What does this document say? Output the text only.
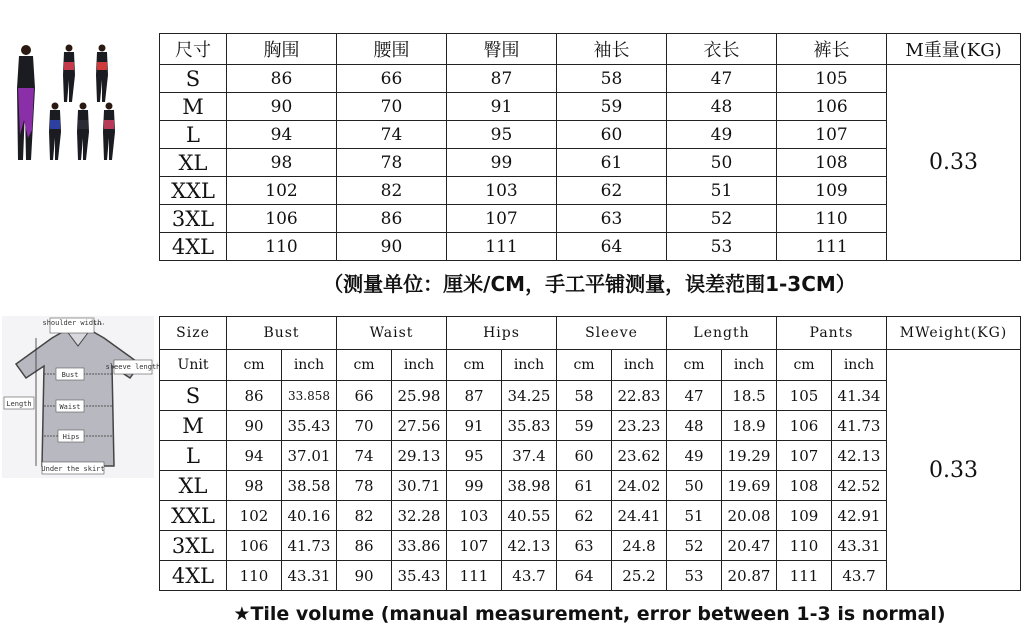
尺寸	胸围	腰围	臀围	袖长	衣长	裤长	M重量(KG)
S	86	66	87	58	47	105	0.33
M	90	70	91	59	48	106	
L	94	74	95	60	49	107	
XL	98	78	99	61	50	108	
XXL	102	82	103	62	51	109	
3XL	106	86	107	63	52	110	
4XL	110	90	111	64	53	111	
（测量单位：厘米/CM，手工平铺测量，误差范围1-3CM）
shoulder width
Bust
Waist
Hips
Length
sleeve length
Under the skirt
Size	Bust		Waist		Hips		Sleeve		Length		Pants		MWeight(KG)
Unit	cm	inch	cm	inch	cm	inch	cm	inch	cm	inch	cm	inch	0.33
S	86	33.858	66	25.98	87	34.25	58	22.83	47	18.5	105	41.34	
M	90	35.43	70	27.56	91	35.83	59	23.23	48	18.9	106	41.73	
L	94	37.01	74	29.13	95	37.4	60	23.62	49	19.29	107	42.13	
XL	98	38.58	78	30.71	99	38.98	61	24.02	50	19.69	108	42.52	
XXL	102	40.16	82	32.28	103	40.55	62	24.41	51	20.08	109	42.91	
3XL	106	41.73	86	33.86	107	42.13	63	24.8	52	20.47	110	43.31	
4XL	110	43.31	90	35.43	111	43.7	64	25.2	53	20.87	111	43.7	
★Tile volume (manual measurement, error between 1-3 is normal)
